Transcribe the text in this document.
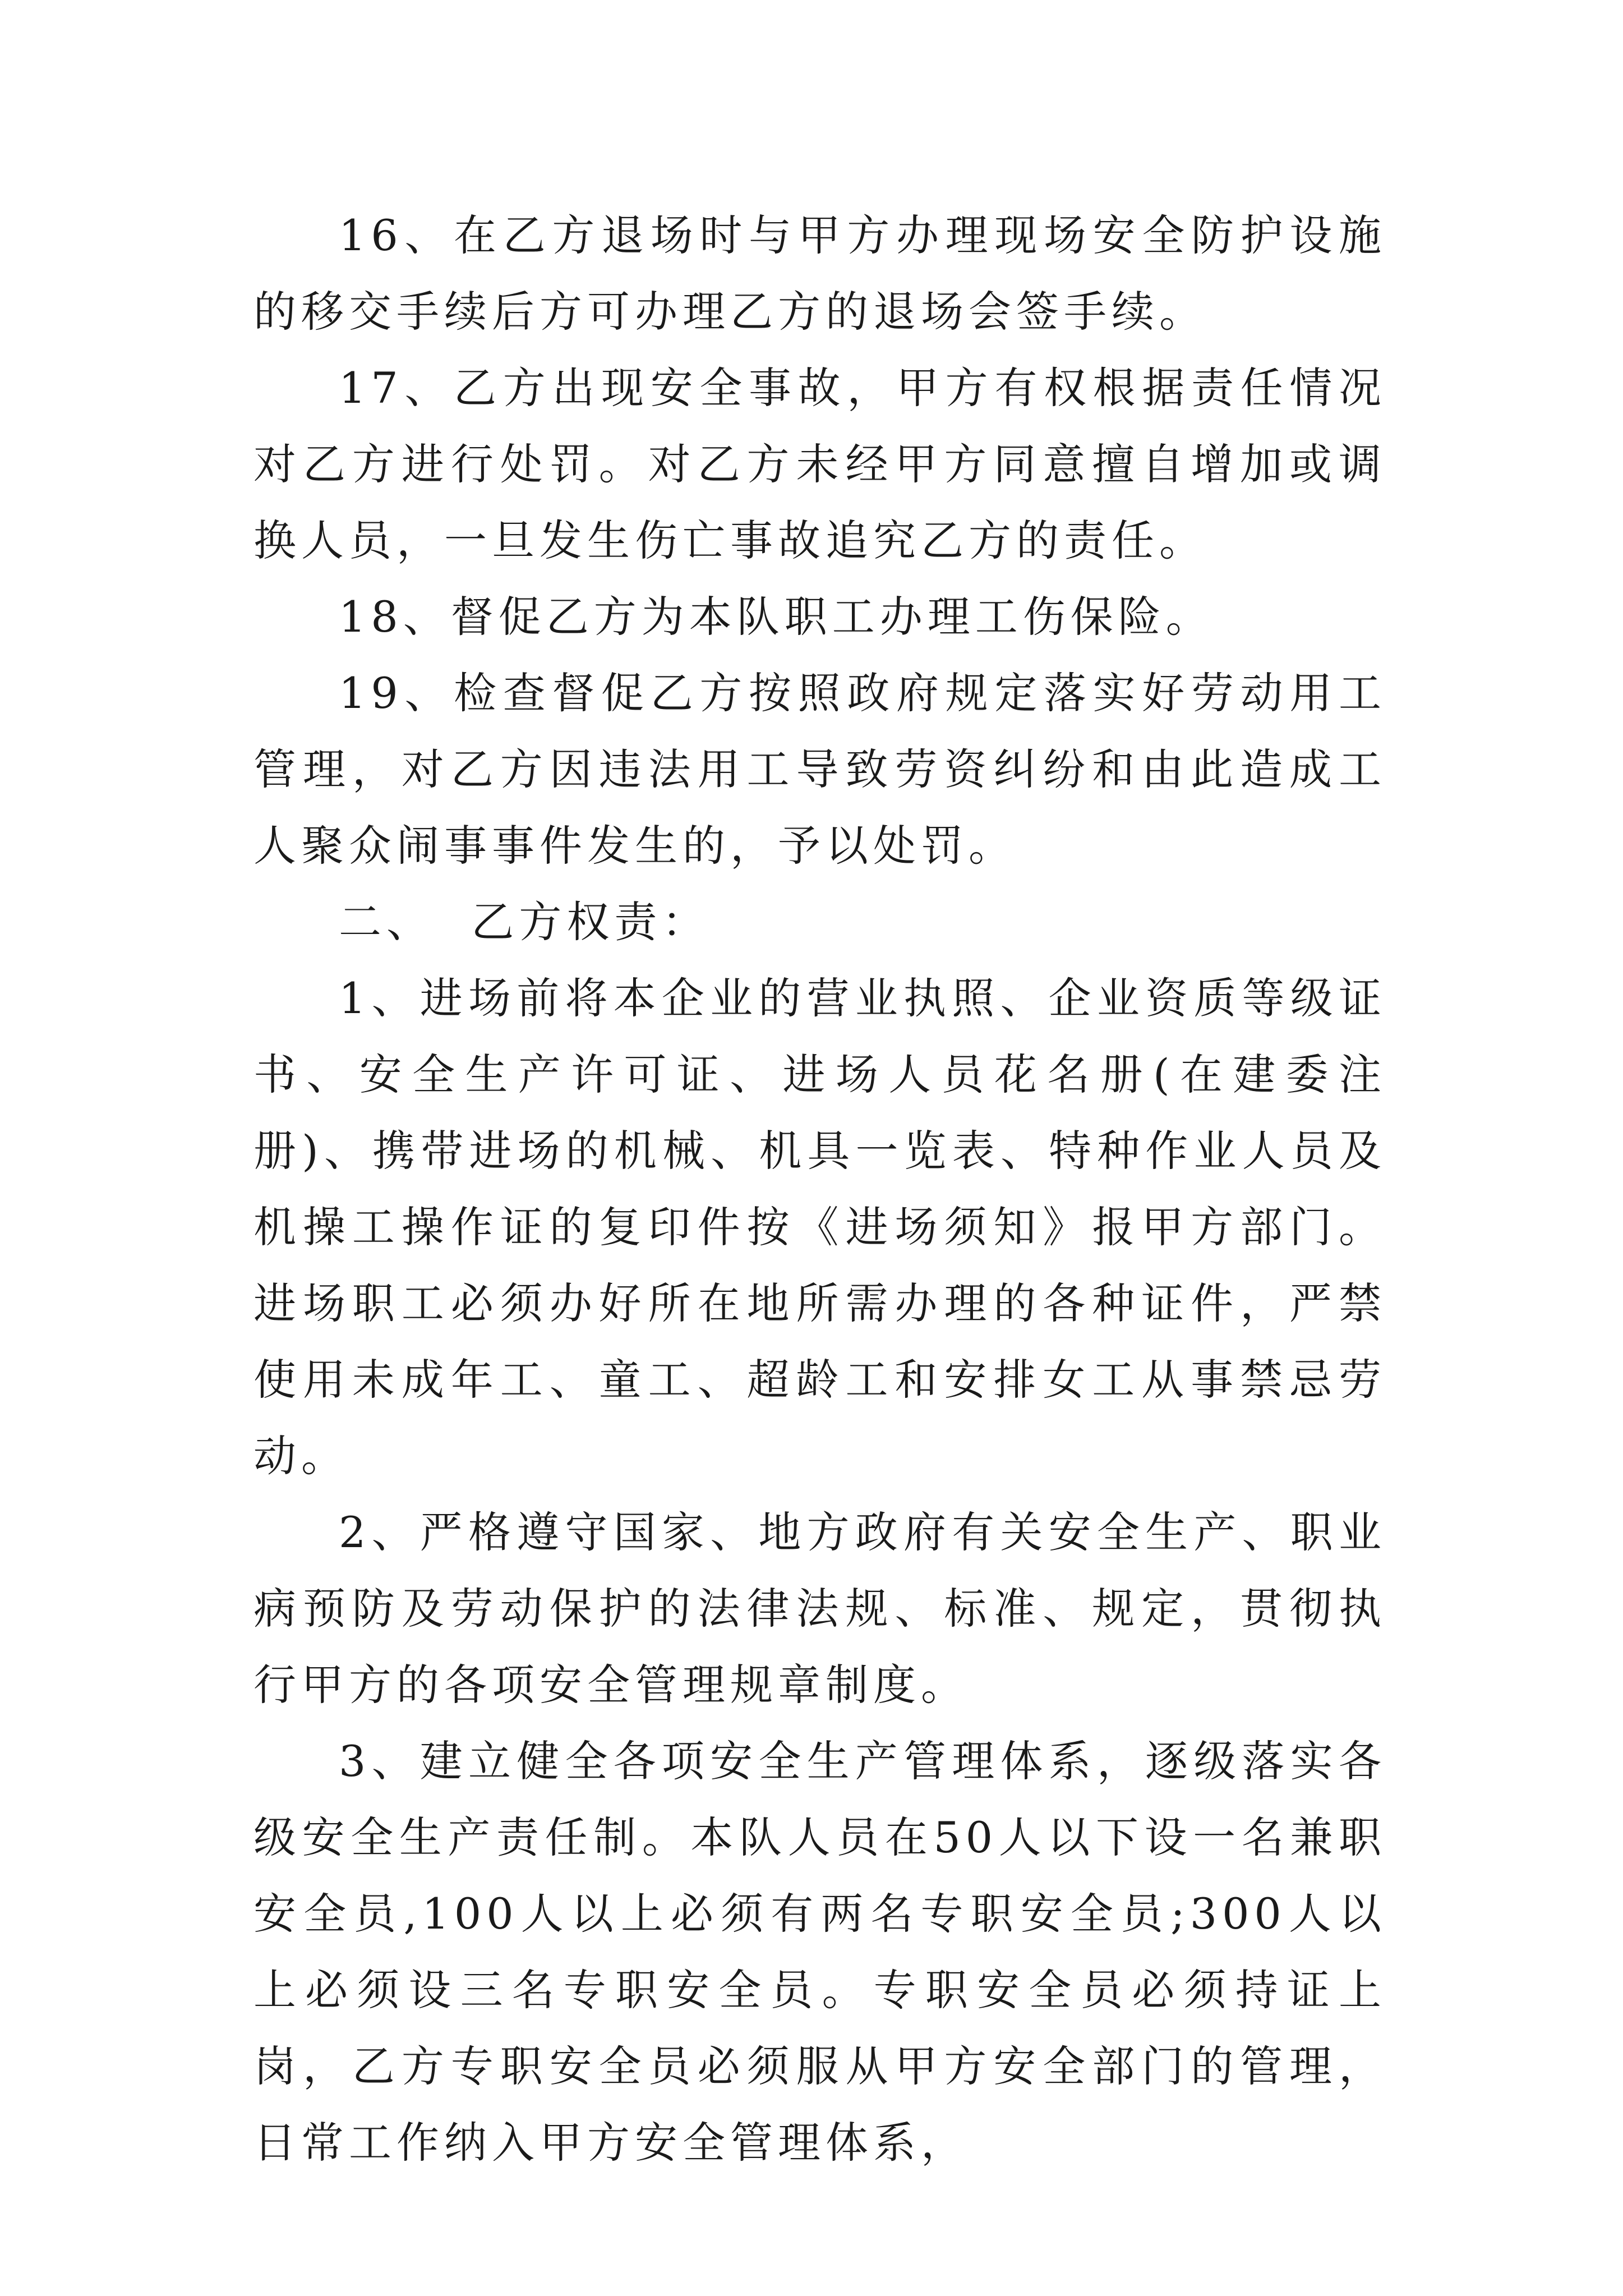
16、在乙方退场时与甲方办理现场安全防护设施的移交手续后方可办理乙方的退场会签手续。

17、乙方出现安全事故，甲方有权根据责任情况对乙方进行处罚。对乙方未经甲方同意擅自增加或调换人员，一旦发生伤亡事故追究乙方的责任。

18、督促乙方为本队职工办理工伤保险。

19、检查督促乙方按照政府规定落实好劳动用工管理，对乙方因违法用工导致劳资纠纷和由此造成工人聚众闹事事件发生的，予以处罚。

二、  乙方权责：

1、进场前将本企业的营业执照、企业资质等级证书、安全生产许可证、进场人员花名册(在建委注册)、携带进场的机械、机具一览表、特种作业人员及机操工操作证的复印件按《进场须知》报甲方部门。进场职工必须办好所在地所需办理的各种证件，严禁使用未成年工、童工、超龄工和安排女工从事禁忌劳动。

2、严格遵守国家、地方政府有关安全生产、职业病预防及劳动保护的法律法规、标准、规定，贯彻执行甲方的各项安全管理规章制度。

3、建立健全各项安全生产管理体系，逐级落实各级安全生产责任制。本队人员在50人以下设一名兼职安全员,100人以上必须有两名专职安全员;300人以上必须设三名专职安全员。专职安全员必须持证上岗，乙方专职安全员必须服从甲方安全部门的管理，日常工作纳入甲方安全管理体系，
